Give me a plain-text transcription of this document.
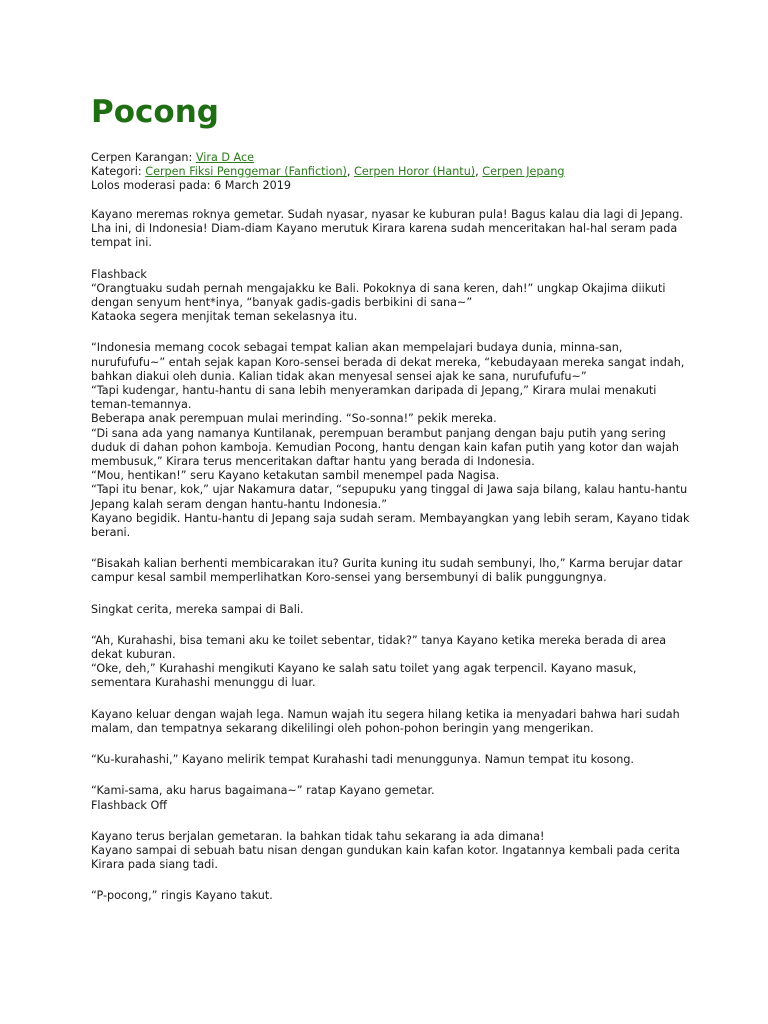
Pocong
Cerpen Karangan: Vira D Ace
Kategori: Cerpen Fiksi Penggemar (Fanfiction), Cerpen Horor (Hantu), Cerpen Jepang
Lolos moderasi pada: 6 March 2019

Kayano meremas roknya gemetar. Sudah nyasar, nyasar ke kuburan pula! Bagus kalau dia lagi di Jepang. Lha ini, di Indonesia! Diam-diam Kayano merutuk Kirara karena sudah menceritakan hal-hal seram pada tempat ini.

Flashback
“Orangtuaku sudah pernah mengajakku ke Bali. Pokoknya di sana keren, dah!” ungkap Okajima diikuti dengan senyum hent*inya, “banyak gadis-gadis berbikini di sana~”
Kataoka segera menjitak teman sekelasnya itu.

“Indonesia memang cocok sebagai tempat kalian akan mempelajari budaya dunia, minna-san, nurufufufu~” entah sejak kapan Koro-sensei berada di dekat mereka, “kebudayaan mereka sangat indah, bahkan diakui oleh dunia. Kalian tidak akan menyesal sensei ajak ke sana, nurufufufu~”
“Tapi kudengar, hantu-hantu di sana lebih menyeramkan daripada di Jepang,” Kirara mulai menakuti teman-temannya.
Beberapa anak perempuan mulai merinding. “So-sonna!” pekik mereka.
“Di sana ada yang namanya Kuntilanak, perempuan berambut panjang dengan baju putih yang sering duduk di dahan pohon kamboja. Kemudian Pocong, hantu dengan kain kafan putih yang kotor dan wajah membusuk,” Kirara terus menceritakan daftar hantu yang berada di Indonesia.
“Mou, hentikan!” seru Kayano ketakutan sambil menempel pada Nagisa.
“Tapi itu benar, kok,” ujar Nakamura datar, “sepupuku yang tinggal di Jawa saja bilang, kalau hantu-hantu Jepang kalah seram dengan hantu-hantu Indonesia.”
Kayano begidik. Hantu-hantu di Jepang saja sudah seram. Membayangkan yang lebih seram, Kayano tidak berani.

“Bisakah kalian berhenti membicarakan itu? Gurita kuning itu sudah sembunyi, lho,” Karma berujar datar campur kesal sambil memperlihatkan Koro-sensei yang bersembunyi di balik punggungnya.

Singkat cerita, mereka sampai di Bali.

“Ah, Kurahashi, bisa temani aku ke toilet sebentar, tidak?” tanya Kayano ketika mereka berada di area dekat kuburan.
“Oke, deh,” Kurahashi mengikuti Kayano ke salah satu toilet yang agak terpencil. Kayano masuk, sementara Kurahashi menunggu di luar.

Kayano keluar dengan wajah lega. Namun wajah itu segera hilang ketika ia menyadari bahwa hari sudah malam, dan tempatnya sekarang dikelilingi oleh pohon-pohon beringin yang mengerikan.

“Ku-kurahashi,” Kayano melirik tempat Kurahashi tadi menunggunya. Namun tempat itu kosong.

“Kami-sama, aku harus bagaimana~” ratap Kayano gemetar.
Flashback Off

Kayano terus berjalan gemetaran. Ia bahkan tidak tahu sekarang ia ada dimana!
Kayano sampai di sebuah batu nisan dengan gundukan kain kafan kotor. Ingatannya kembali pada cerita Kirara pada siang tadi.

“P-pocong,” ringis Kayano takut.
